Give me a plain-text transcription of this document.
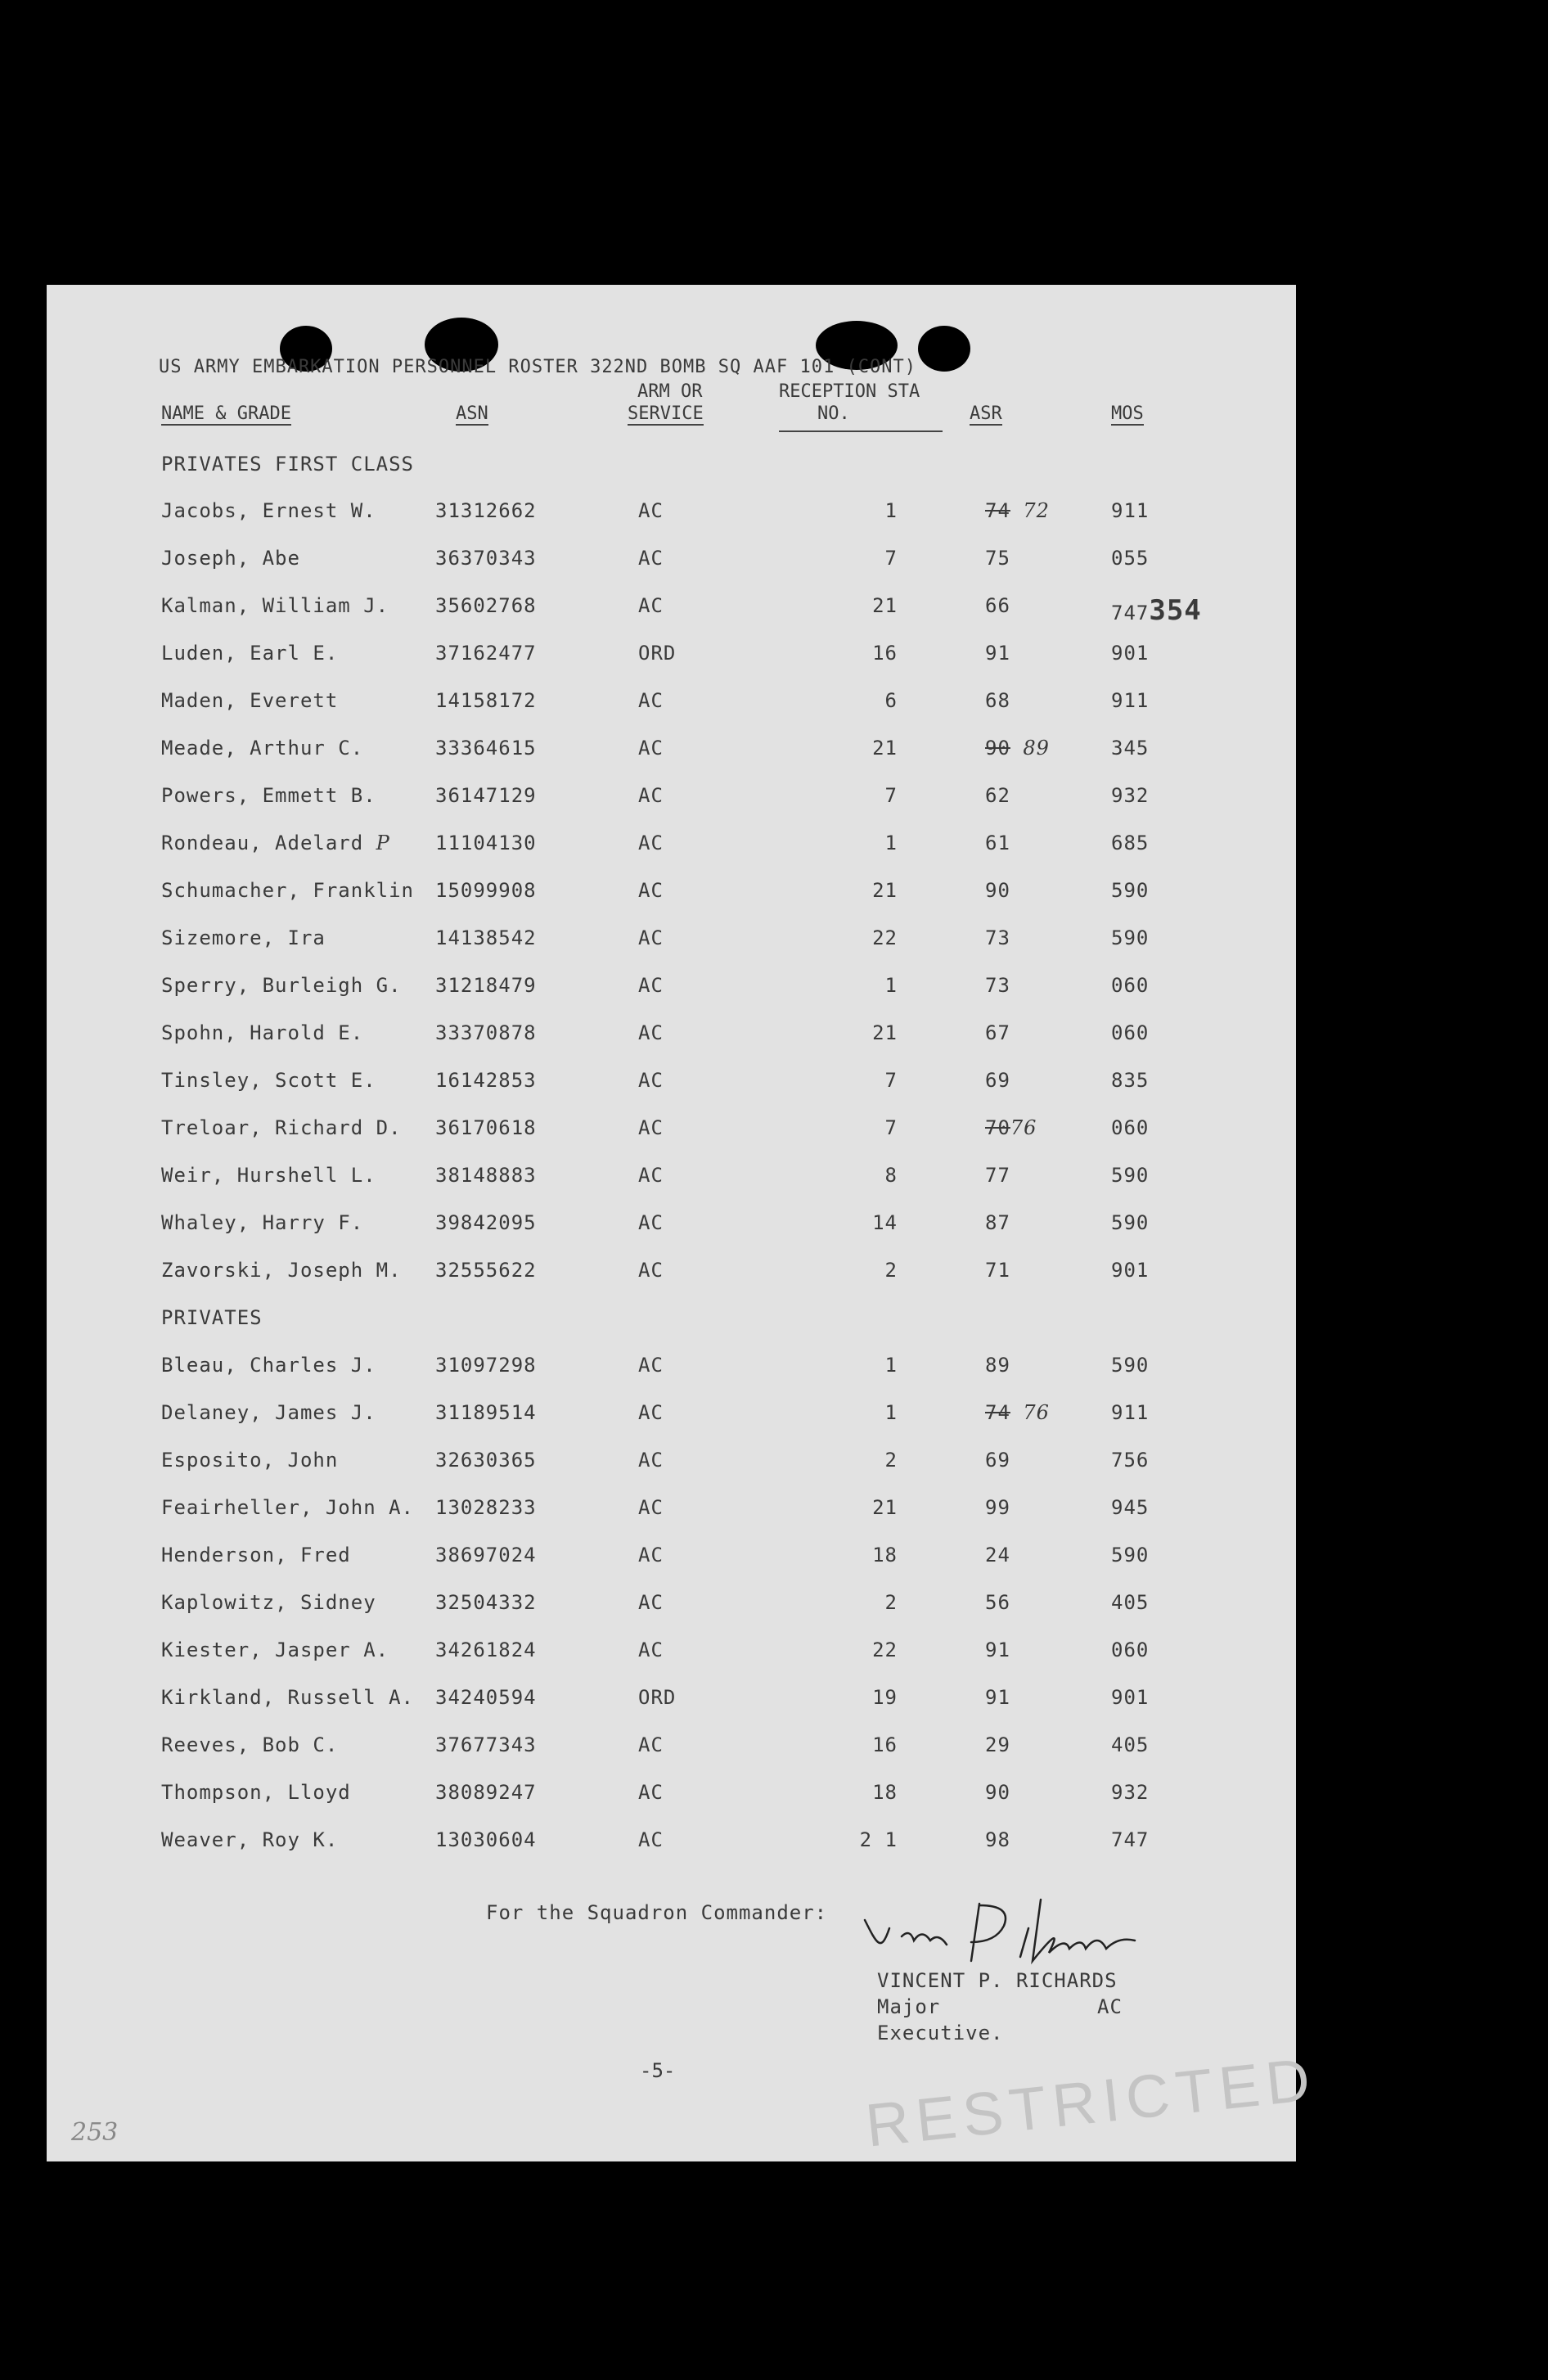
US ARMY EMBARKATION PERSONNEL ROSTER 322ND BOMB SQ AAF 101 (CONT)
NAME & GRADE	ASN
ARM OR
SERVICE
RECEPTION STA
NO.	ASR	MOS
PRIVATES FIRST CLASS
Jacobs, Ernest W.	31312662	AC	1	74 72	911
Joseph, Abe	36370343	AC	7	75	055
Kalman, William J. 35602768	AC	21	66	747354
Luden, Earl E.	37162477	ORD	16	91	901
Maden, Everett	14158172	AC	6	68	911
Meade, Arthur C.	33364615	AC	21	90 89	345
Powers, Emmett B.	36147129	AC	7	62	932
Rondeau, Adelard P 11104130	AC	1	61	685
Schumacher, Franklin 15099908	AC	21	90	590
Sizemore, Ira	14138542	AC	22	73	590
Sperry, Burleigh G. 31218479	AC	1	73	060
Spohn, Harold E.	33370878	AC	21	67	060
Tinsley, Scott E.	16142853	AC	7	69	835
Treloar, Richard D. 36170618	AC	7	7076	060
Weir, Hurshell L.	38148883	AC	8	77	590
Whaley, Harry F.	39842095	AC	14	87	590
Zavorski, Joseph M. 32555622	AC	2	71	901
PRIVATES
Bleau, Charles J.	31097298	AC	1	89	590
Delaney, James J.	31189514	AC	1	74 76	911
Esposito, John	32630365	AC	2	69	756
Feairheller, John A. 13028233	AC	21	99	945
Henderson, Fred	38697024	AC	18	24	590
Kaplowitz, Sidney	32504332	AC	2	56	405
Kiester, Jasper A. 34261824	AC	22	91	060
Kirkland, Russell A. 34240594	ORD	19	91	901
Reeves, Bob C.	37677343	AC	16	29	405
Thompson, Lloyd	38089247	AC	18	90	932
Weaver, Roy K.	13030604	AC	2 1	98	747
For the Squadron Commander:
VINCENT P. RICHARDS
Major	AC
Executive.
-5-	RESTRICTED
253
